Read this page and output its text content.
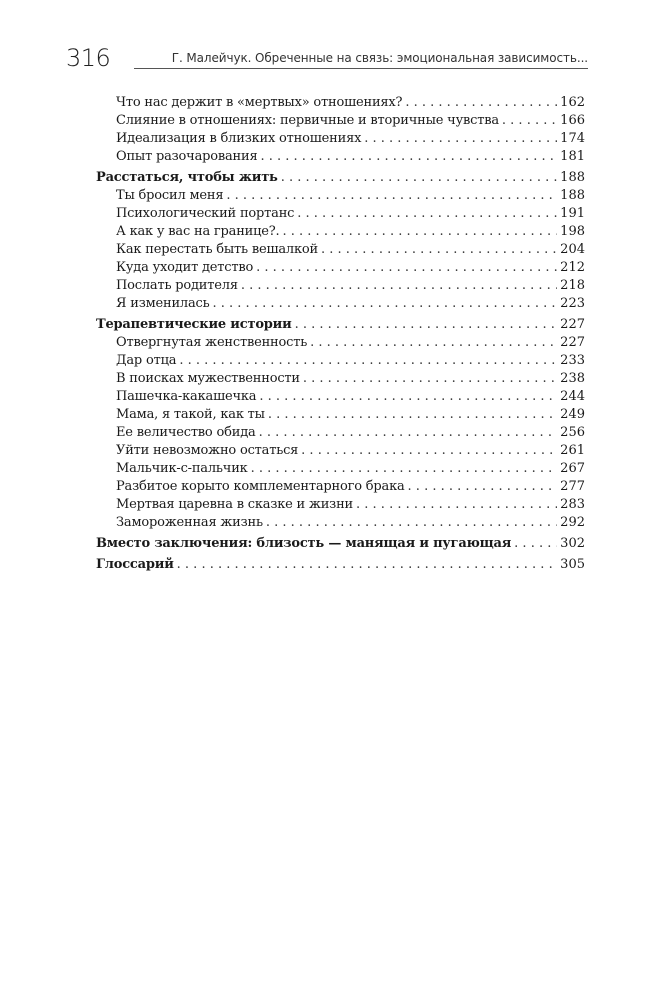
316	Г. Малейчук. Обреченные на связь: эмоциональная зависимость...
Что нас держит в «мертвых» отношениях? . . .	162
Слияние в отношениях: первичные и вторичные чувства . . .	166
Идеализация в близких отношениях . . .	174
Опыт разочарования . . .	181
Расстаться, чтобы жить . . .	188
Ты бросил меня . . .	188
Психологический портанс . . .	191
А как у вас на границе?. . . .	198
Как перестать быть вешалкой . . .	204
Куда уходит детство . . .	212
Послать родителя . . .	218
Я изменилась . . .	223
Терапевтические истории . . .	227
Отвергнутая женственность . . .	227
Дар отца . . .	233
В поисках мужественности . . .	238
Пашечка-какашечка . . .	244
Мама, я такой, как ты . . .	249
Ее величество обида . . .	256
Уйти невозможно остаться . . .	261
Мальчик-с-пальчик . . .	267
Разбитое корыто комплементарного брака . . .	277
Мертвая царевна в сказке и жизни . . .	283
Замороженная жизнь . . .	292
Вместо заключения: близость — манящая и пугающая . . .	302
Глоссарий . . .	305
